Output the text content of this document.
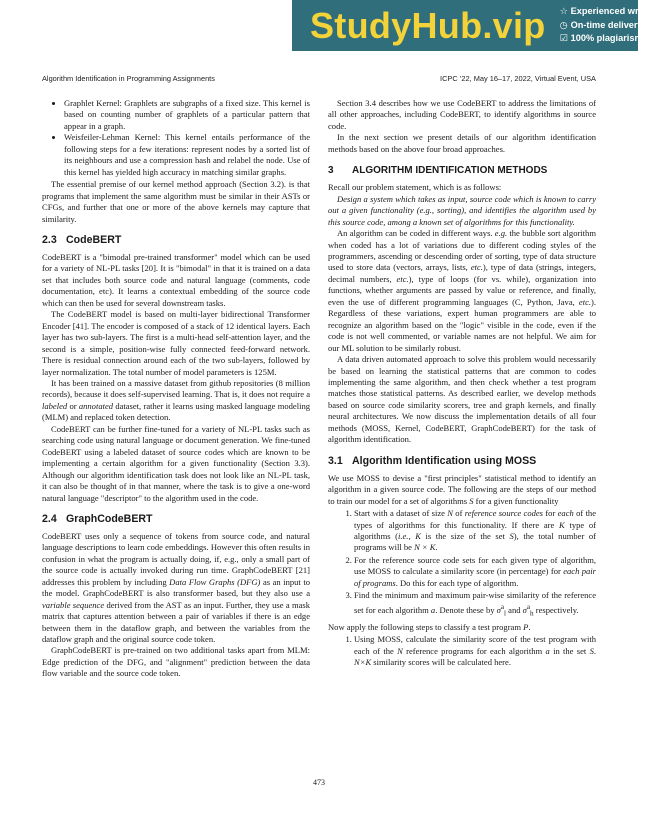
StudyHub.vip ☆ Experienced writers
◷ On-time delivery
☑ 100% plagiarism free
Algorithm Identification in Programming Assignments	ICPC ’22, May 16–17, 2022, Virtual Event, USA
• Graphlet Kernel: Graphlets are subgraphs of a fixed size. This kernel is based on counting number of graphlets of a particular pattern that appear in a graph.
• Weisfeiler-Lehman Kernel: This kernel entails performance of the following steps for a few iterations: represent nodes by a sorted list of its neighbours and use a compression hash and relabel the node. Use of this kernel has yielded high accuracy in matching similar graphs.

The essential premise of our kernel method approach (Section 3.2). is that programs that implement the same algorithm must be similar in their ASTs or CFGs, and further that one or more of the above kernels may capture that similarity.

2.3 CodeBERT

CodeBERT is a "bimodal pre-trained transformer" model which can be used for a variety of NL-PL tasks [20]. It is "bimodal" in that it is trained on a data set that includes both source code and natural language (comments, code documentation, etc). It learns a contextual embedding of the source code which can then be used for several downstream tasks.

The CodeBERT model is based on multi-layer bidirectional Transformer Encoder [41]. The encoder is composed of a stack of 12 identical layers. Each layer has two sub-layers. The first is a multi-head self-attention layer, and the second is a simple, position-wise fully connected feed-forward network. There is residual connection around each of the two sub-layers, followed by layer normalization. The total number of model parameters is 125M.

It has been trained on a massive dataset from github repositories (8 million records), because it does self-supervised learning. That is, it does not require a labeled or annotated dataset, rather it learns using masked language modeling (MLM) and replaced token detection.

CodeBERT can be further fine-tuned for a variety of NL-PL tasks such as searching code using natural language or document generation. We fine-tuned CodeBERT using a labeled dataset of source codes which are known to be implementing a certain algorithm for a given functionality (Section 3.3). Although our algorithm identification task does not look like an NL-PL task, it can also be thought of in that manner, where the task is to give a one-word natural language "descriptor" to the algorithm used in the code.

2.4 GraphCodeBERT

CodeBERT uses only a sequence of tokens from source code, and natural language descriptions to learn code embeddings. However this often results in confusion in what the program is actually doing, if, e.g., only a small part of the source code is actually invoked during run time. GraphCodeBERT [21] addresses this problem by including Data Flow Graphs (DFG) as an input to the model. GraphCodeBERT is also transformer based, but they also use a variable sequence derived from the AST as an input. Further, they use a mask matrix that captures attention between a pair of variables if there is an edge between them in the dataflow graph, and between the variables from the dataflow graph and the original source code token.

GraphCodeBERT is pre-trained on two additional tasks apart from MLM: Edge prediction of the DFG, and "alignment" prediction between the data flow variable and the source code token.

Section 3.4 describes how we use CodeBERT to address the limitations of all other approaches, including CodeBERT, to identify algorithms in source code.

In the next section we present details of our algorithm identification methods based on the above four broad approaches.

3 ALGORITHM IDENTIFICATION METHODS

Recall our problem statement, which is as follows:

Design a system which takes as input, source code which is known to carry out a given functionality (e.g., sorting), and identifies the algorithm used by this source code, among a known set of algorithms for this functionality.

An algorithm can be coded in different ways. e.g. the bubble sort algorithm when coded has a lot of variations due to different coding styles of the programmers, ascending or descending order of sorting, type of data structure used to store data (vectors, arrays, lists, etc.), type of data (strings, integers, decimal numbers, etc.), type of loops (for vs. while), organization into functions, whether arguments are passed by value or reference, and finally, even the use of different programming languages (C, Python, Java, etc.). Regardless of these variations, expert human programmers are able to recognize an algorithm based on the "logic" visible in the code, even if the code is not well commented, or variable names are not helpful. We aim for our ML solution to be similarly robust.

A data driven automated approach to solve this problem would necessarily be based on learning the statistical patterns that are common to codes implementing the same algorithm, and then check whether a test program matches those statistical patterns. As described earlier, we develop methods based on source code similarity scorers, tree and graph kernels, and finally neural architectures. We now discuss the implementation details of all four methods (MOSS, Kernel, CodeBERT, GraphCodeBERT) for the task of algorithm identification.

3.1 Algorithm Identification using MOSS

We use MOSS to devise a "first principles" statistical method to identify an algorithm in a given source code. The following are the steps of our method to train our model for a set of algorithms S for a given functionality

1. Start with a dataset of size N of reference source codes for each of the types of algorithms for this functionality. If there are K type of algorithms (i.e., K is the size of the set S), the total number of programs will be N × K.
2. For the reference source code sets for each given type of algorithm, use MOSS to calculate a similarity score (in percentage) for each pair of programs. Do this for each type of algorithm.
3. Find the minimum and maximum pair-wise similarity of the reference set for each algorithm a. Denote these by $\sigma^a_l$ and $\sigma^a_h$ respectively.

Now apply the following steps to classify a test program P.

1. Using MOSS, calculate the similarity score of the test program with each of the N reference programs for each algorithm a in the set S. N×K similarity scores will be calculated here.
473
